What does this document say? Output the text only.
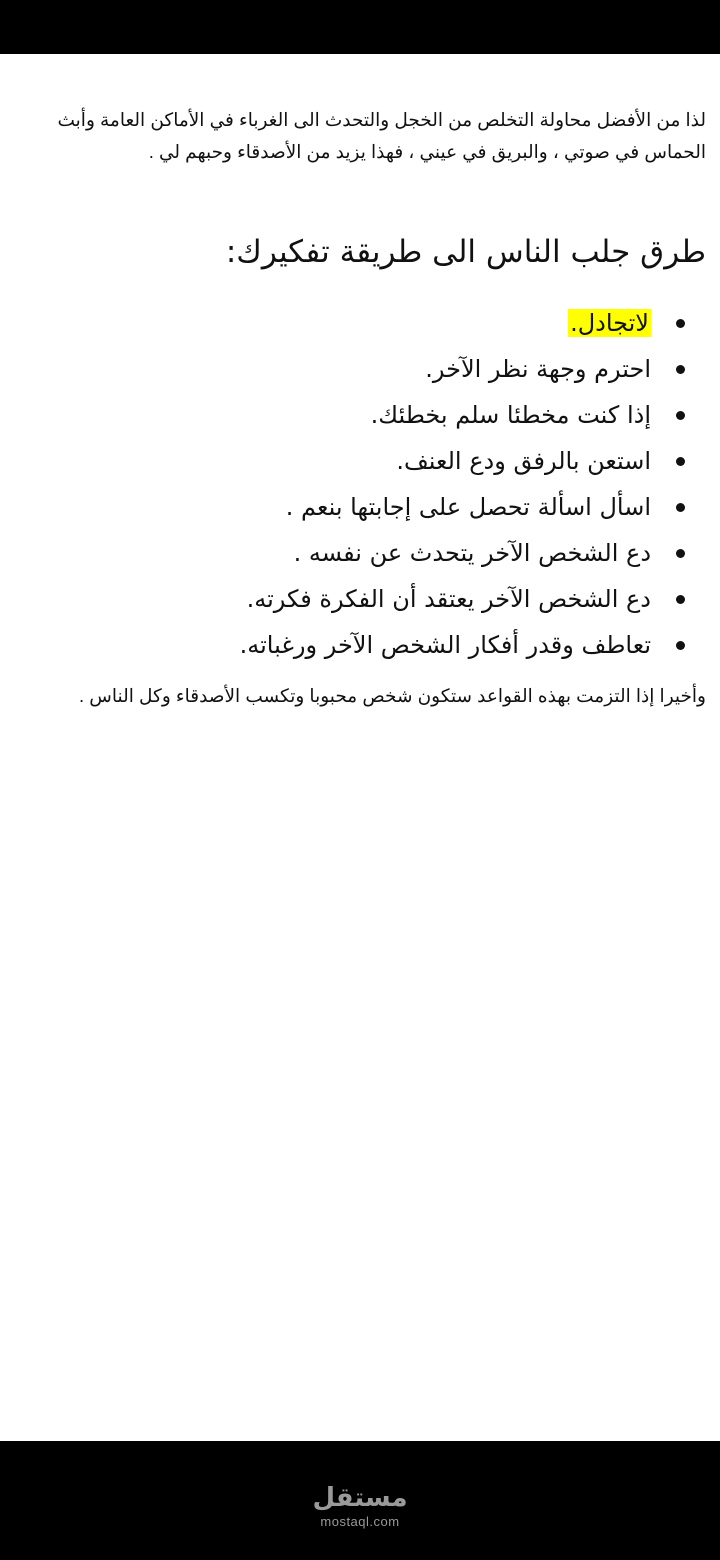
لذا من الأفضل محاولة التخلص من الخجل والتحدث الى الغرباء في الأماكن العامة وأبث الحماس في صوتي ، والبريق في عيني ، فهذا يزيد من الأصدقاء وحبهم لي .

طرق جلب الناس الى طريقة تفكيرك:
لاتجادل.
احترم وجهة نظر الآخر.
إذا كنت مخطئا سلم بخطئك.
استعن بالرفق ودع العنف.
اسأل اسألة تحصل على إجابتها بنعم .
دع الشخص الآخر يتحدث عن نفسه .
دع الشخص الآخر يعتقد أن الفكرة فكرته.
تعاطف وقدر أفكار الشخص الآخر ورغباته.

وأخيرا إذا التزمت بهذه القواعد ستكون شخص محبوبا وتكسب الأصدقاء وكل الناس .

مستقل
mostaql.com
